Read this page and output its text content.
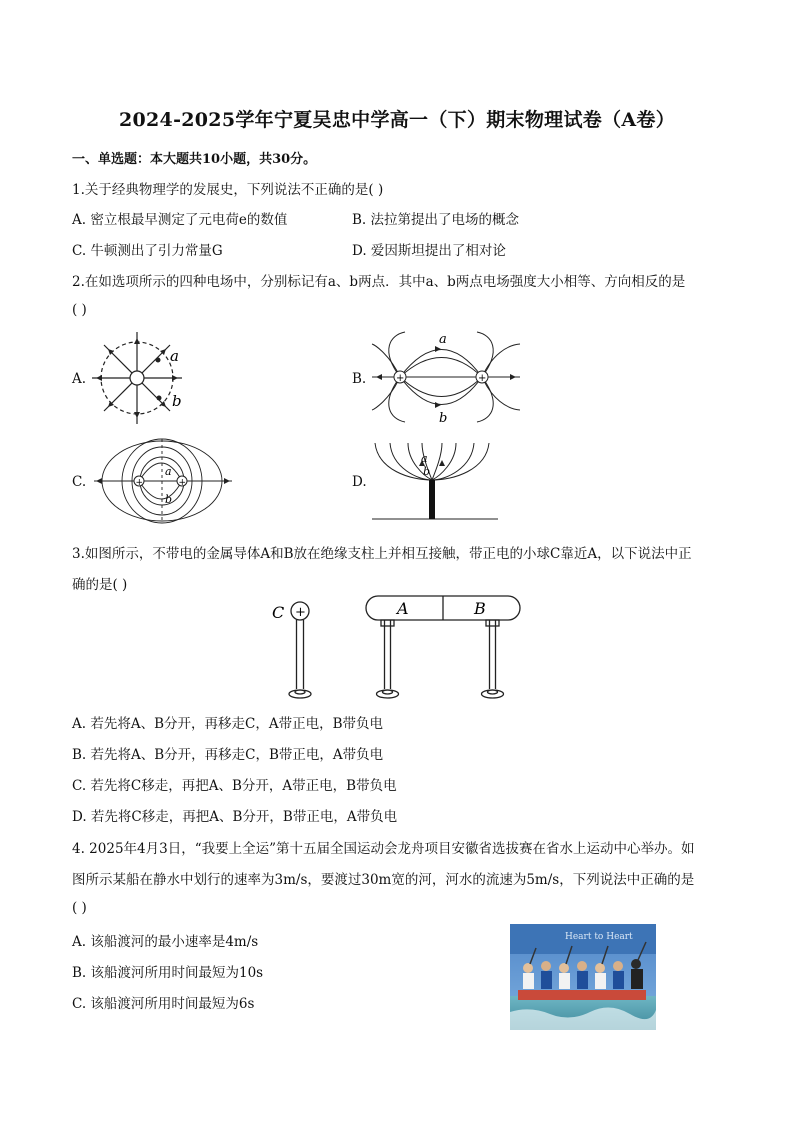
2024-2025学年宁夏吴忠中学高一（下）期末物理试卷（A卷）
一、单选题：本大题共10小题，共30分。
1.关于经典物理学的发展史，下列说法不正确的是( )
A. 密立根最早测定了元电荷e的数值	B. 法拉第提出了电场的概念
C. 牛顿测出了引力常量G	D. 爱因斯坦提出了相对论
2.在如选项所示的四种电场中，分别标记有a、b两点．其中a、b两点电场强度大小相等、方向相反的是
( )
A.	B.
C.	D.
a
b
+	+
a
b
+	+
a
b
a
b
3.如图所示，不带电的金属导体A和B放在绝缘支柱上并相互接触，带正电的小球C靠近A，以下说法中正
确的是( )
+
C	A	B
A. 若先将A、B分开，再移走C，A带正电，B带负电
B. 若先将A、B分开，再移走C，B带正电，A带负电
C. 若先将C移走，再把A、B分开，A带正电，B带负电
D. 若先将C移走，再把A、B分开，B带正电，A带负电
4. 2025年4月3日，“我要上全运”第十五届全国运动会龙舟项目安徽省选拔赛在省水上运动中心举办。如
图所示某船在静水中划行的速率为3m/s，要渡过30m宽的河，河水的流速为5m/s，下列说法中正确的是
( )
A. 该船渡河的最小速率是4m/s
B. 该船渡河所用时间最短为10s
C. 该船渡河所用时间最短为6s
Heart to Heart
